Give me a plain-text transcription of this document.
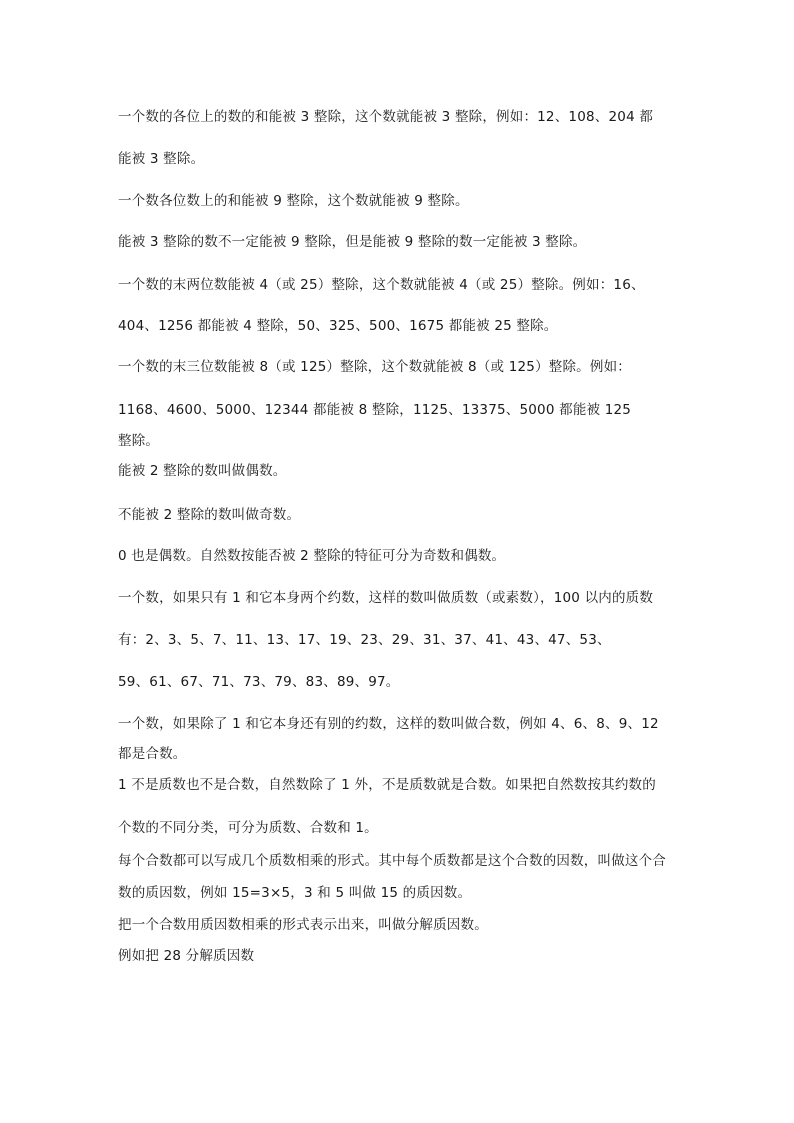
一个数的各位上的数的和能被 3 整除，这个数就能被 3 整除，例如：12、108、204 都
能被 3 整除。
一个数各位数上的和能被 9 整除，这个数就能被 9 整除。
能被 3 整除的数不一定能被 9 整除，但是能被 9 整除的数一定能被 3 整除。
一个数的末两位数能被 4（或 25）整除，这个数就能被 4（或 25）整除。例如：16、
404、1256 都能被 4 整除，50、325、500、1675 都能被 25 整除。
一个数的末三位数能被 8（或 125）整除，这个数就能被 8（或 125）整除。例如：
1168、4600、5000、12344 都能被 8 整除，1125、13375、5000 都能被 125
整除。
能被 2 整除的数叫做偶数。
不能被 2 整除的数叫做奇数。
0 也是偶数。自然数按能否被 2 整除的特征可分为奇数和偶数。
一个数，如果只有 1 和它本身两个约数，这样的数叫做质数（或素数），100 以内的质数
有：2、3、5、7、11、13、17、19、23、29、31、37、41、43、47、53、
59、61、67、71、73、79、83、89、97。
一个数，如果除了 1 和它本身还有别的约数，这样的数叫做合数，例如 4、6、8、9、12
都是合数。
1 不是质数也不是合数，自然数除了 1 外，不是质数就是合数。如果把自然数按其约数的
个数的不同分类，可分为质数、合数和 1。
每个合数都可以写成几个质数相乘的形式。其中每个质数都是这个合数的因数，叫做这个合
数的质因数，例如 15=3×5，3 和 5 叫做 15 的质因数。
把一个合数用质因数相乘的形式表示出来，叫做分解质因数。
例如把 28 分解质因数
